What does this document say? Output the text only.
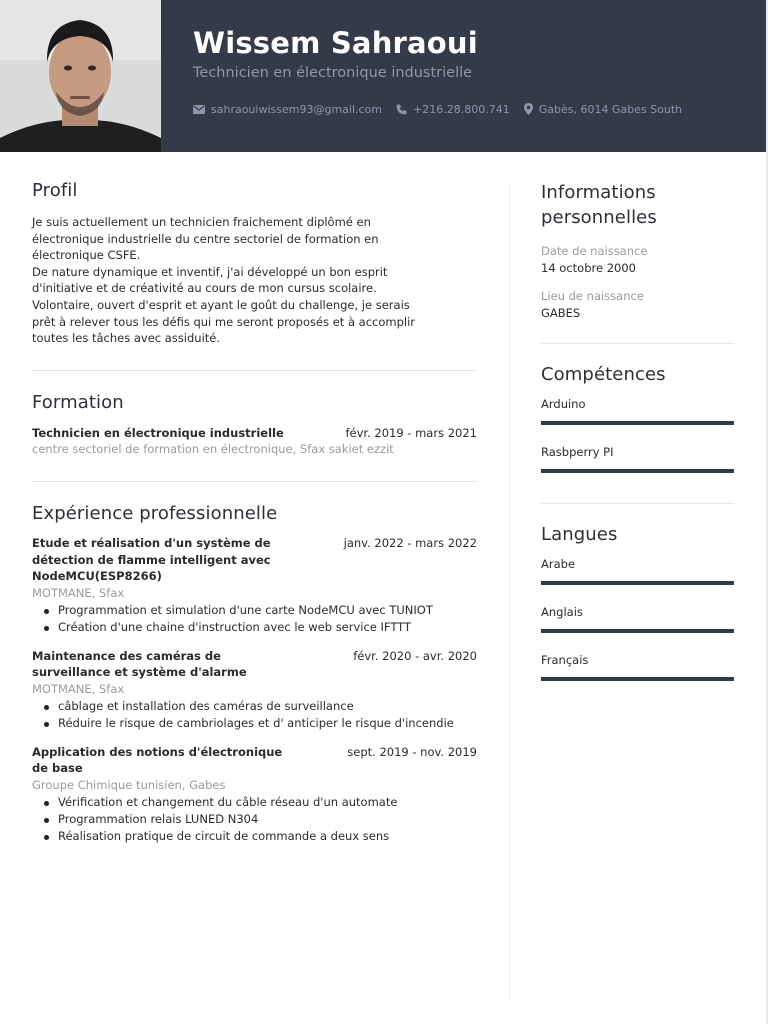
Wissem Sahraoui
Technicien en électronique industrielle
sahraouiwissem93@gmail.com	+216.28.800.741	Gabès, 6014 Gabes South
Profil

Je suis actuellement un technicien fraichement diplômé en

électronique industrielle du centre sectoriel de formation en

électronique CSFE.

De nature dynamique et inventif, j'ai développé un bon esprit

d'initiative et de créativité au cours de mon cursus scolaire.

Volontaire, ouvert d'esprit et ayant le goût du challenge, je serais

prêt à relever tous les défis qui me seront proposés et à accomplir

toutes les tâches avec assiduité.

Formation
Technicien en électronique industrielle	févr. 2019 - mars 2021
centre sectoriel de formation en électronique, Sfax sakiet ezzit
Expérience professionnelle
Etude et réalisation d'un système de
détection de flamme intelligent avec
NodeMCU(ESP8266)
janv. 2022 - mars 2022
MOTMANE, Sfax
Programmation et simulation d'une carte NodeMCU avec TUNIOT
Création d'une chaine d'instruction avec le web service IFTTT
Maintenance des caméras de
surveillance et système d'alarme
févr. 2020 - avr. 2020
MOTMANE, Sfax
câblage et installation des caméras de surveillance
Réduire le risque de cambriolages et d' anticiper le risque d'incendie
Application des notions d'électronique
de base
sept. 2019 - nov. 2019
Groupe Chimique tunisien, Gabes
Vérification et changement du câble réseau d'un automate
Programmation relais LUNED N304
Réalisation pratique de circuit de commande a deux sens
Informations
personnelles
Date de naissance
14 octobre 2000
Lieu de naissance
GABES
Compétences
Arduino
Rasbperry PI
Langues
Arabe
Anglais
Français
